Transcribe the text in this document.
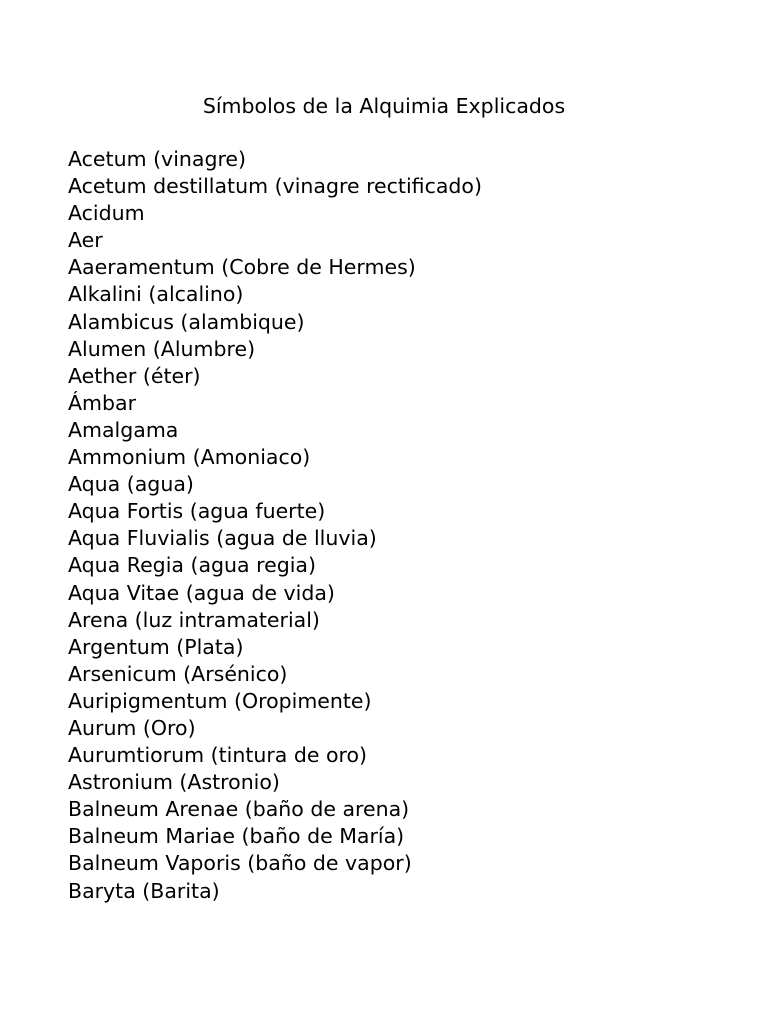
Símbolos de la Alquimia Explicados
Acetum (vinagre)
Acetum destillatum (vinagre rectificado)
Acidum
Aer
Aaeramentum (Cobre de Hermes)
Alkalini (alcalino)
Alambicus (alambique)
Alumen (Alumbre)
Aether (éter)
Ámbar
Amalgama
Ammonium (Amoniaco)
Aqua (agua)
Aqua Fortis (agua fuerte)
Aqua Fluvialis (agua de lluvia)
Aqua Regia (agua regia)
Aqua Vitae (agua de vida)
Arena (luz intramaterial)
Argentum (Plata)
Arsenicum (Arsénico)
Auripigmentum (Oropimente)
Aurum (Oro)
Aurumtiorum (tintura de oro)
Astronium (Astronio)
Balneum Arenae (baño de arena)
Balneum Mariae (baño de María)
Balneum Vaporis (baño de vapor)
Baryta (Barita)
